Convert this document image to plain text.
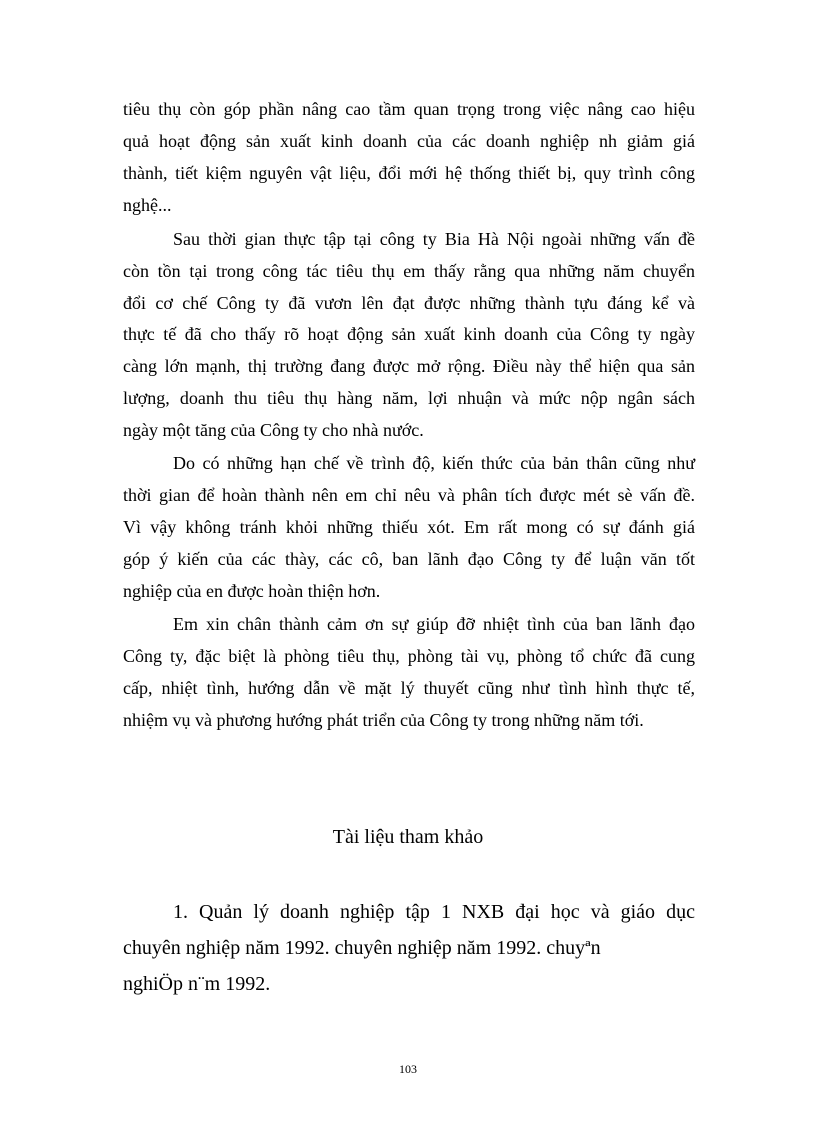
tiêu thụ còn góp phần nâng cao tầm quan trọng trong việc nâng cao hiệu
quả hoạt động sản xuất kinh doanh của các doanh nghiệp nh giảm giá
thành, tiết kiệm nguyên vật liệu, đổi mới hệ thống thiết bị, quy trình công
nghệ...
Sau thời gian thực tập tại công ty Bia Hà Nội ngoài những vấn đề
còn tồn tại trong công tác tiêu thụ em thấy rằng qua những năm chuyển
đổi cơ chế Công ty đã vươn lên đạt được những thành tựu đáng kể và
thực tế đã cho thấy rõ hoạt động sản xuất kinh doanh của Công ty ngày
càng lớn mạnh, thị trường đang được mở rộng. Điều này thể hiện qua sản
lượng, doanh thu tiêu thụ hàng năm, lợi nhuận và mức nộp ngân sách
ngày một tăng của Công ty cho nhà nước.
Do có những hạn chế về trình độ, kiến thức của bản thân cũng như
thời gian để hoàn thành nên em chỉ nêu và phân tích được mét sè vấn đề.
Vì vậy không tránh khỏi những thiếu xót. Em rất mong có sự đánh giá
góp ý kiến của các thày, các cô, ban lãnh đạo Công ty để luận văn tốt
nghiệp của en được hoàn thiện hơn.
Em xin chân thành cảm ơn sự giúp đỡ nhiệt tình của ban lãnh đạo
Công ty, đặc biệt là phòng tiêu thụ, phòng tài vụ, phòng tổ chức đã cung
cấp, nhiệt tình, hướng dẫn về mặt lý thuyết cũng như tình hình thực tế,
nhiệm vụ và phương hướng phát triển của Công ty trong những năm tới.
Tài liệu tham khảo
1. Quản lý doanh nghiệp tập 1 NXB đại học và giáo dục
chuyên nghiệp năm 1992. chuyên nghiệp năm 1992. chuyªn
nghiÖp n¨m 1992.
103
